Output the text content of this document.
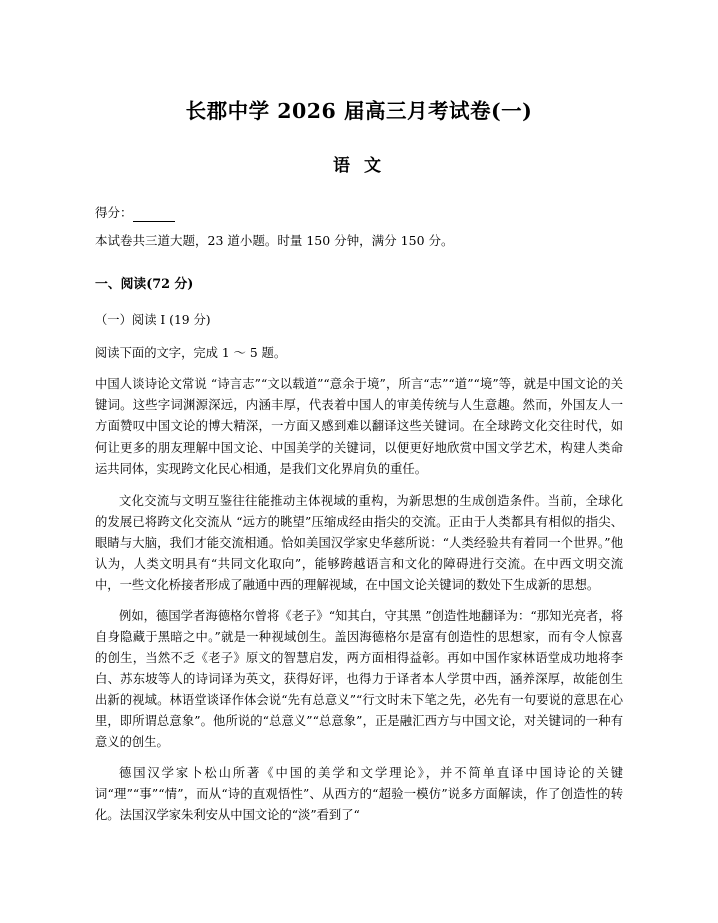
长郡中学 2026 届高三月考试卷(一)
语 文
得分：
本试卷共三道大题，23 道小题。时量 150 分钟，满分 150 分。
一、阅读(72 分)
（一）阅读 Ⅰ (19 分)
阅读下面的文字，完成 1 ～ 5 题。
中国人谈诗论文常说 “诗言志”“文以载道”“意余于境”，所言“志”“道”“境”等，就是中国文论的关键词。这些字词渊源深远，内涵丰厚，代表着中国人的审美传统与人生意趣。然而，外国友人一方面赞叹中国文论的博大精深，一方面又感到难以翻译这些关键词。在全球跨文化交往时代，如何让更多的朋友理解中国文论、中国美学的关键词，以便更好地欣赏中国文学艺术，构建人类命运共同体，实现跨文化民心相通，是我们文化界肩负的重任。
文化交流与文明互鉴往往能推动主体视域的重构，为新思想的生成创造条件。当前，全球化的发展已将跨文化交流从 “远方的眺望”压缩成经由指尖的交流。正由于人类都具有相似的指尖、眼睛与大脑，我们才能交流相通。恰如美国汉学家史华慈所说：“人类经验共有着同一个世界。”他认为，人类文明具有“共同文化取向”，能够跨越语言和文化的障碍进行交流。在中西文明交流中，一些文化桥接者形成了融通中西的理解视域，在中国文论关键词的数处下生成新的思想。
例如，德国学者海德格尔曾将《老子》“知其白，守其黑 ”创造性地翻译为：“那知光亮者，将自身隐藏于黑暗之中。”就是一种视域创生。盖因海德格尔是富有创造性的思想家，而有令人惊喜的创生，当然不乏《老子》原文的智慧启发，两方面相得益彰。再如中国作家林语堂成功地将李白、苏东坡等人的诗词译为英文，获得好评，也得力于译者本人学贯中西，涵养深厚，故能创生出新的视域。林语堂谈译作体会说“先有总意义”“行文时未下笔之先，必先有一句要说的意思在心里，即所谓总意象”。他所说的“总意义”“总意象”，正是融汇西方与中国文论，对关键词的一种有意义的创生。
德国汉学家卜松山所著《中国的美学和文学理论》，并不简单直译中国诗论的关键词“理”“事”“情”，而从“诗的直观悟性”、从西方的“超验一模仿”说多方面解读，作了创造性的转化。法国汉学家朱利安从中国文论的“淡”看到了“
